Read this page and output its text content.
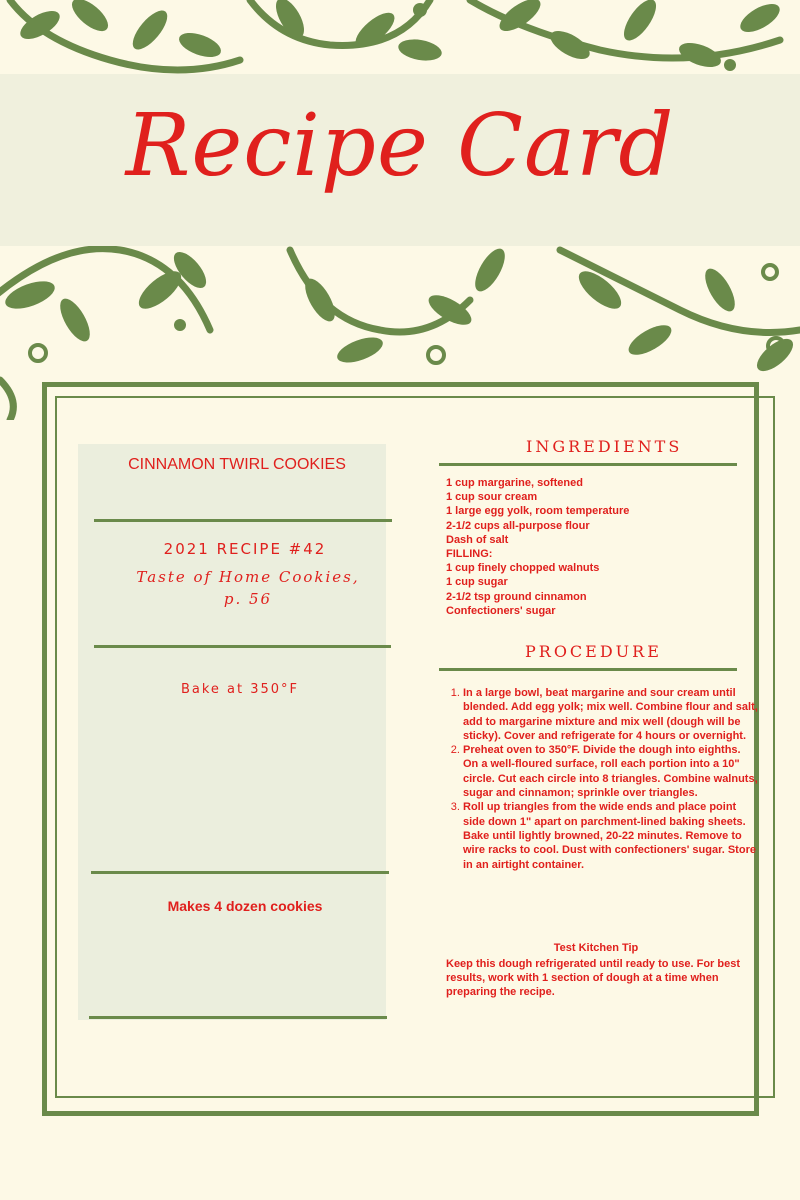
Recipe Card
CINNAMON TWIRL COOKIES
2021 RECIPE #42
Taste of Home Cookies, p. 56
Bake at 350°F
Makes 4 dozen cookies
INGREDIENTS
1 cup margarine, softened
1 cup sour cream
1 large egg yolk, room temperature
2-1/2 cups all-purpose flour
Dash of salt
FILLING:
1 cup finely chopped walnuts
1 cup sugar
2-1/2 tsp ground cinnamon
Confectioners' sugar
PROCEDURE
1. In a large bowl, beat margarine and sour cream until blended. Add egg yolk; mix well. Combine flour and salt, add to margarine mixture and mix well (dough will be sticky). Cover and refrigerate for 4 hours or overnight.
2. Preheat oven to 350°F. Divide the dough into eighths. On a well-floured surface, roll each portion into a 10" circle. Cut each circle into 8 triangles. Combine walnuts, sugar and cinnamon; sprinkle over triangles.
3. Roll up triangles from the wide ends and place point side down 1" apart on parchment-lined baking sheets. Bake until lightly browned, 20-22 minutes. Remove to wire racks to cool. Dust with confectioners' sugar. Store in an airtight container.
Test Kitchen Tip
Keep this dough refrigerated until ready to use. For best results, work with 1 section of dough at a time when preparing the recipe.
